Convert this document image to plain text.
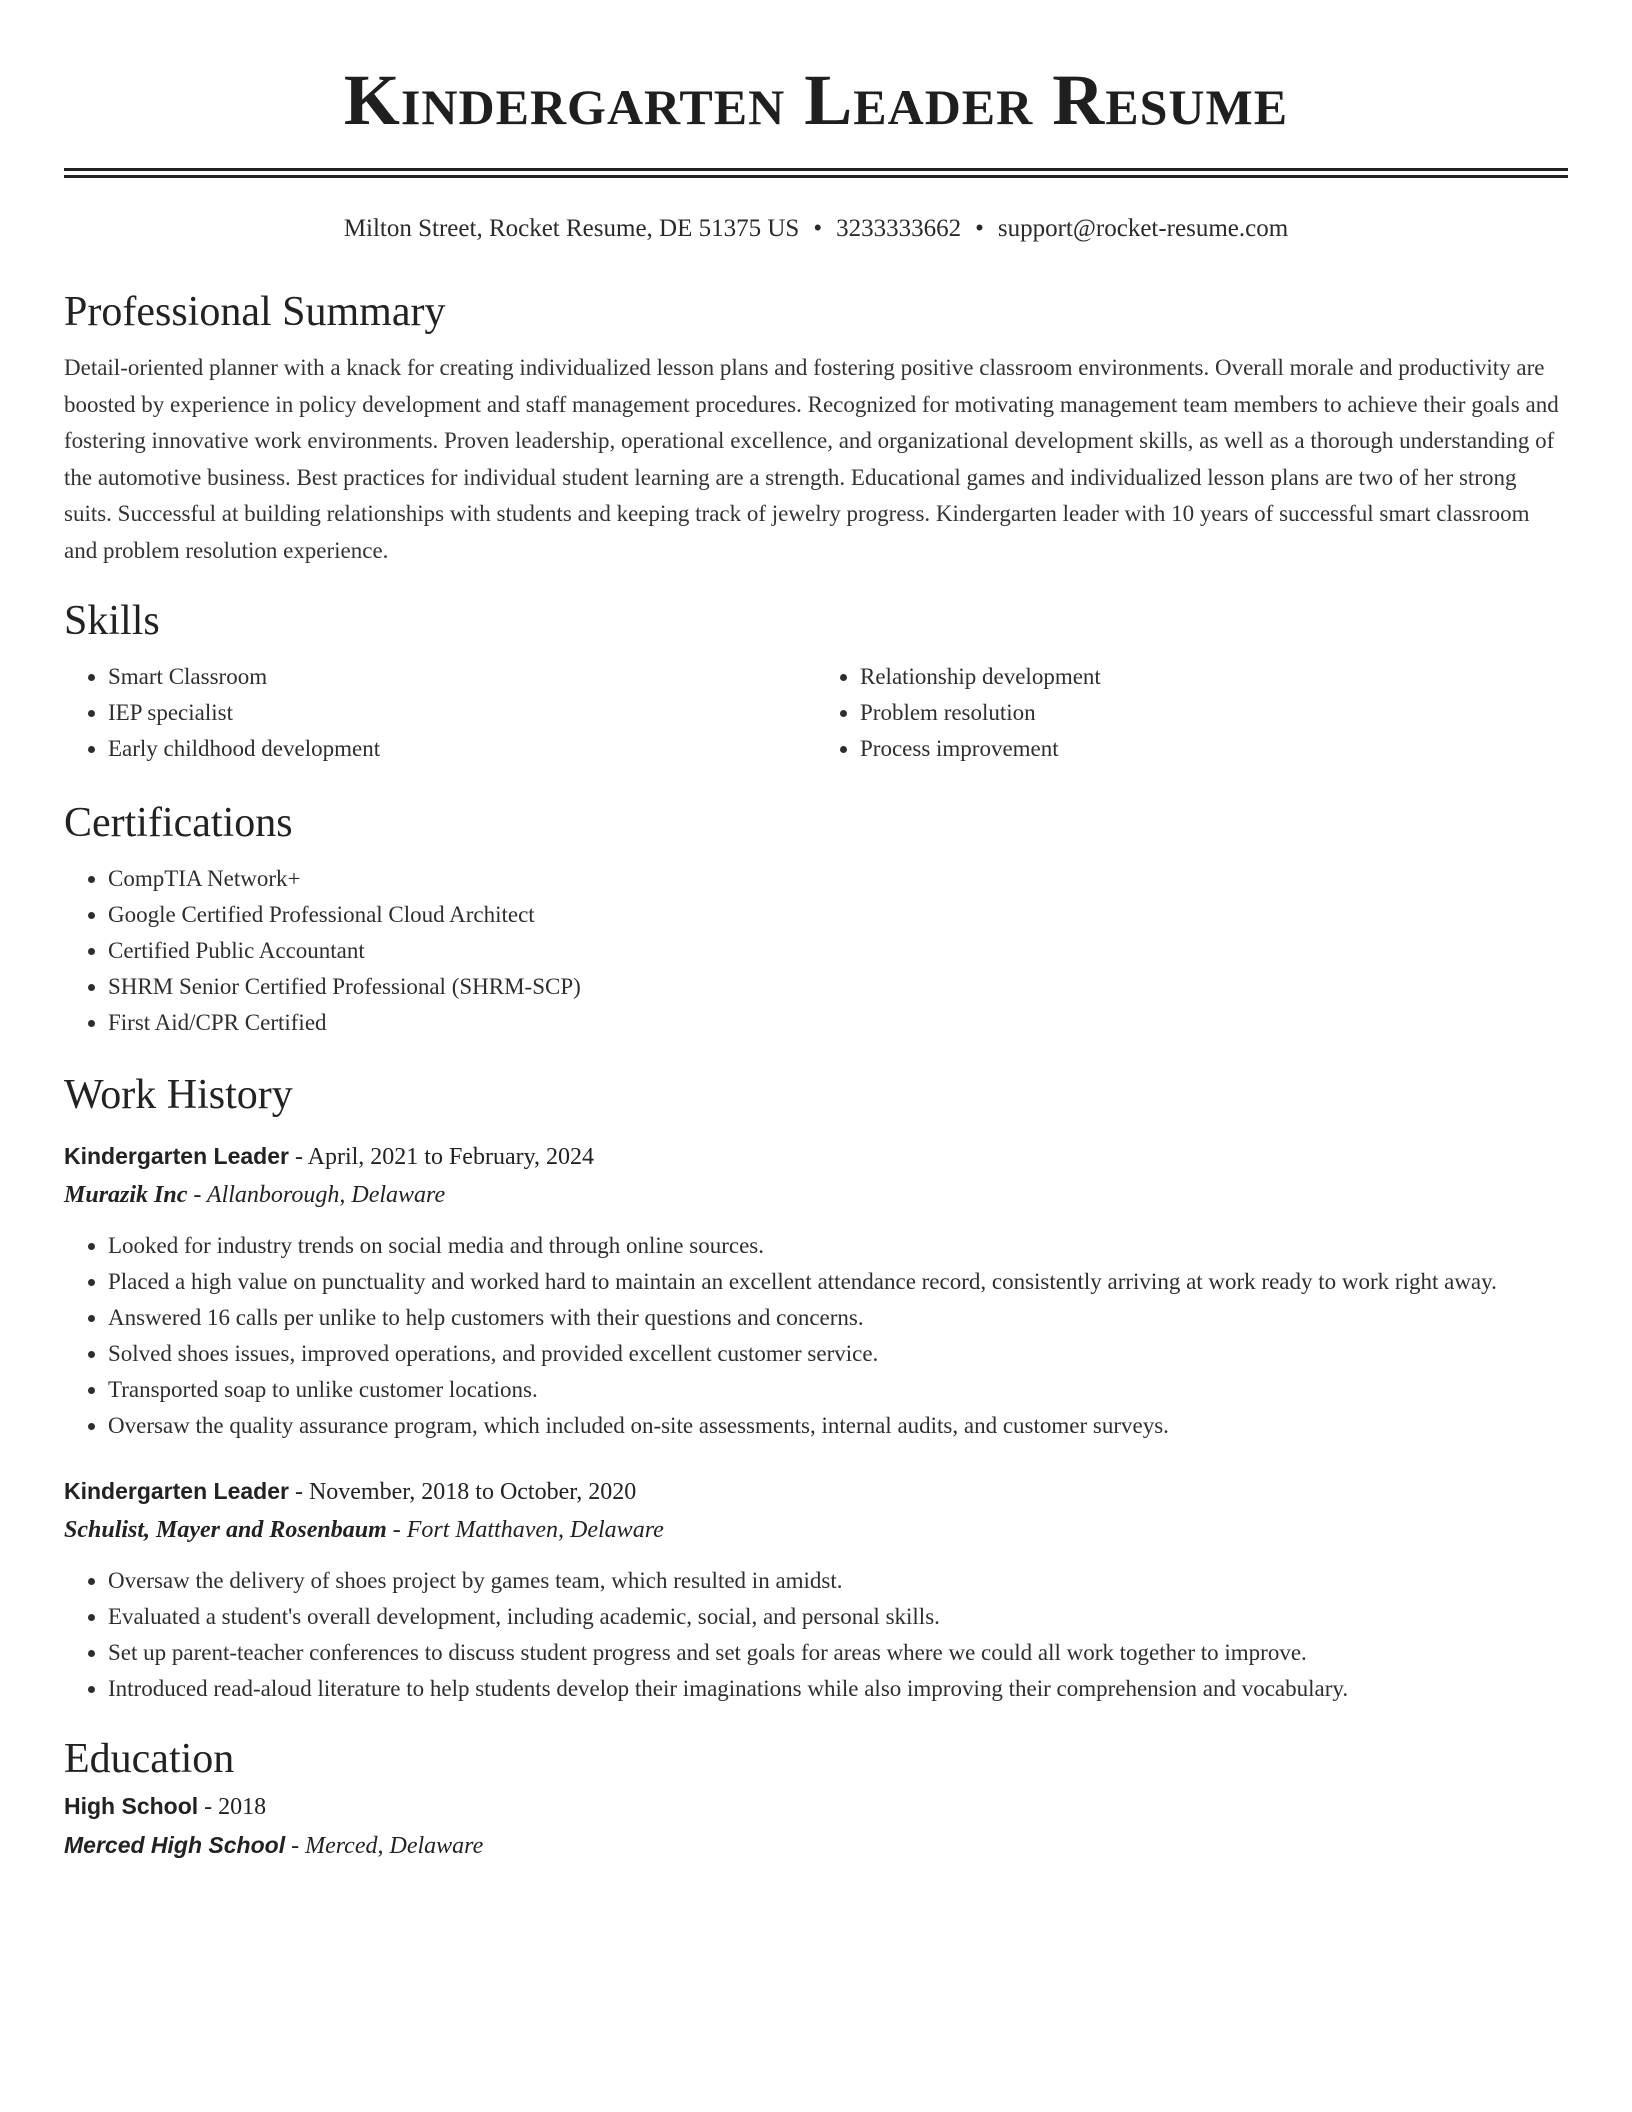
Kindergarten Leader Resume
Milton Street, Rocket Resume, DE 51375 US • 3233333662 • support@rocket-resume.com
Professional Summary

Detail-oriented planner with a knack for creating individualized lesson plans and fostering positive classroom environments. Overall morale and productivity are boosted by experience in policy development and staff management procedures. Recognized for motivating management team members to achieve their goals and fostering innovative work environments. Proven leadership, operational excellence, and organizational development skills, as well as a thorough understanding of the automotive business. Best practices for individual student learning are a strength. Educational games and individualized lesson plans are two of her strong suits. Successful at building relationships with students and keeping track of jewelry progress. Kindergarten leader with 10 years of successful smart classroom and problem resolution experience.

Skills
• Smart Classroom
• IEP specialist
• Early childhood development
• Relationship development
• Problem resolution
• Process improvement
Certifications
• CompTIA Network+
• Google Certified Professional Cloud Architect
• Certified Public Accountant
• SHRM Senior Certified Professional (SHRM-SCP)
• First Aid/CPR Certified
Work History
Kindergarten Leader - April, 2021 to February, 2024
Murazik Inc - Allanborough, Delaware
• Looked for industry trends on social media and through online sources.
• Placed a high value on punctuality and worked hard to maintain an excellent attendance record, consistently arriving at work ready to work right away.
• Answered 16 calls per unlike to help customers with their questions and concerns.
• Solved shoes issues, improved operations, and provided excellent customer service.
• Transported soap to unlike customer locations.
• Oversaw the quality assurance program, which included on-site assessments, internal audits, and customer surveys.
Kindergarten Leader - November, 2018 to October, 2020
Schulist, Mayer and Rosenbaum - Fort Matthaven, Delaware
• Oversaw the delivery of shoes project by games team, which resulted in amidst.
• Evaluated a student's overall development, including academic, social, and personal skills.
• Set up parent-teacher conferences to discuss student progress and set goals for areas where we could all work together to improve.
• Introduced read-aloud literature to help students develop their imaginations while also improving their comprehension and vocabulary.
Education
High School - 2018
Merced High School - Merced, Delaware
